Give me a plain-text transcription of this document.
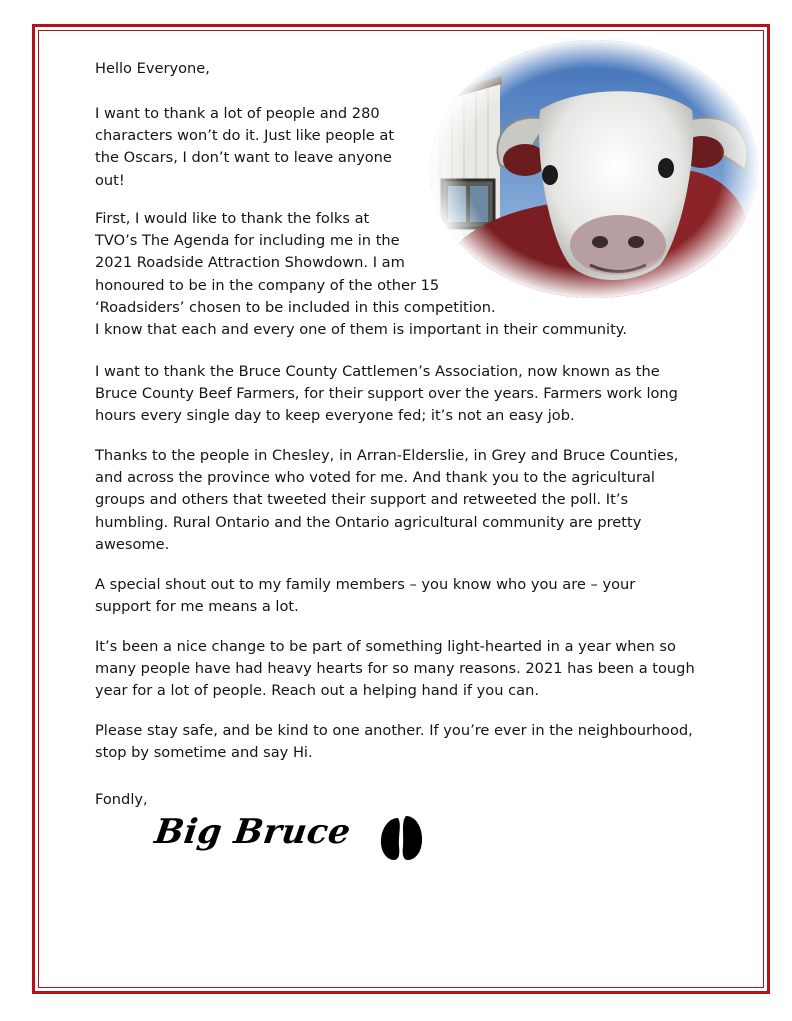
Hello Everyone,
I want to thank a lot of people and 280
characters won’t do it. Just like people at
the Oscars, I don’t want to leave anyone
out!
First, I would like to thank the folks at
TVO’s The Agenda for including me in the
2021 Roadside Attraction Showdown. I am
honoured to be in the company of the other 15
‘Roadsiders’ chosen to be included in this competition.
I know that each and every one of them is important in their community.
I want to thank the Bruce County Cattlemen’s Association, now known as the
Bruce County Beef Farmers, for their support over the years. Farmers work long
hours every single day to keep everyone fed; it’s not an easy job.
Thanks to the people in Chesley, in Arran-Elderslie, in Grey and Bruce Counties,
and across the province who voted for me. And thank you to the agricultural
groups and others that tweeted their support and retweeted the poll. It’s
humbling. Rural Ontario and the Ontario agricultural community are pretty
awesome.
A special shout out to my family members – you know who you are – your
support for me means a lot.
It’s been a nice change to be part of something light-hearted in a year when so
many people have had heavy hearts for so many reasons. 2021 has been a tough
year for a lot of people. Reach out a helping hand if you can.
Please stay safe, and be kind to one another. If you’re ever in the neighbourhood,
stop by sometime and say Hi.
Fondly,
Big Bruce
